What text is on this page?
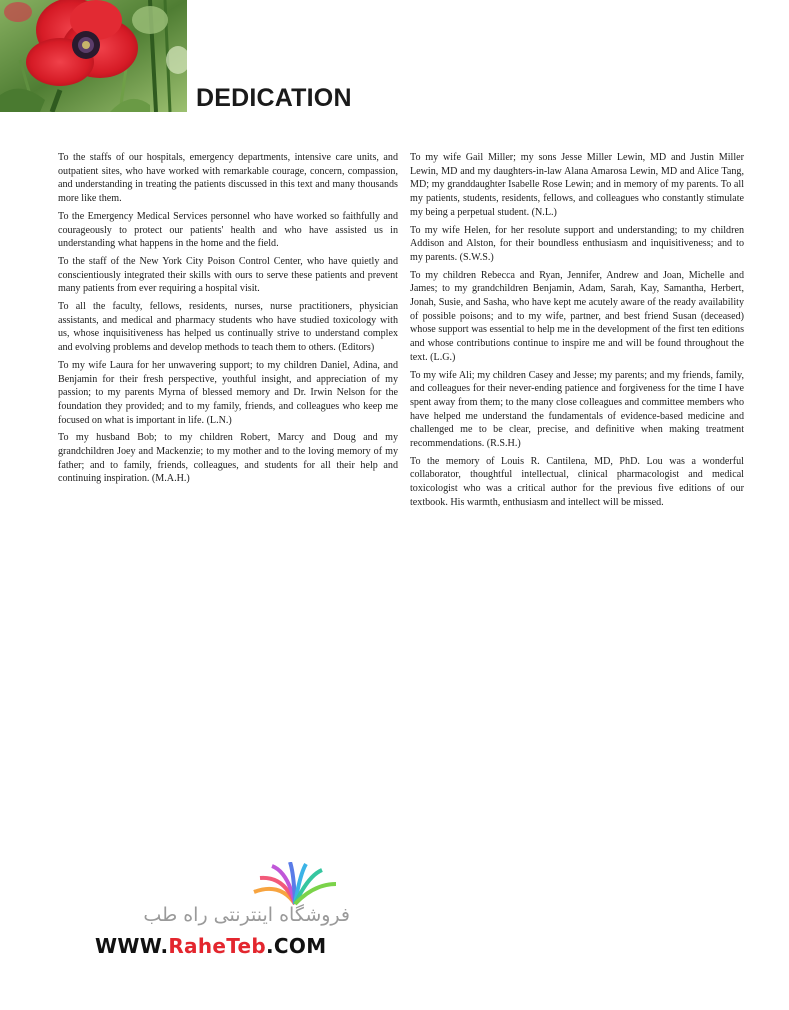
DEDICATION

To the staffs of our hospitals, emergency departments, intensive care units, and outpatient sites, who have worked with remarkable courage, concern, compassion, and understanding in treating the patients discussed in this text and many thousands more like them.

To the Emergency Medical Services personnel who have worked so faithfully and courageously to protect our patients' health and who have assisted us in understanding what happens in the home and the field.

To the staff of the New York City Poison Control Center, who have quietly and conscientiously integrated their skills with ours to serve these patients and prevent many patients from ever requiring a hospital visit.

To all the faculty, fellows, residents, nurses, nurse practitioners, physician assistants, and medical and pharmacy students who have studied toxicology with us, whose inquisitiveness has helped us continually strive to understand complex and evolving problems and develop methods to teach them to others. (Editors)

To my wife Laura for her unwavering support; to my children Daniel, Adina, and Benjamin for their fresh perspective, youthful insight, and appreciation of my passion; to my parents Myrna of blessed memory and Dr. Irwin Nelson for the foundation they provided; and to my family, friends, and colleagues who keep me focused on what is important in life. (L.N.)

To my husband Bob; to my children Robert, Marcy and Doug and my grandchildren Joey and Mackenzie; to my mother and to the loving memory of my father; and to family, friends, colleagues, and students for all their help and continuing inspiration. (M.A.H.)

To my wife Gail Miller; my sons Jesse Miller Lewin, MD and Justin Miller Lewin, MD and my daughters-in-law Alana Amarosa Lewin, MD and Alice Tang, MD; my granddaughter Isabelle Rose Lewin; and in memory of my parents. To all my patients, students, residents, fellows, and colleagues who constantly stimulate my being a perpetual student. (N.L.)

To my wife Helen, for her resolute support and understanding; to my children Addison and Alston, for their boundless enthusiasm and inquisitiveness; and to my parents. (S.W.S.)

To my children Rebecca and Ryan, Jennifer, Andrew and Joan, Michelle and James; to my grandchildren Benjamin, Adam, Sarah, Kay, Samantha, Herbert, Jonah, Susie, and Sasha, who have kept me acutely aware of the ready availability of possible poisons; and to my wife, partner, and best friend Susan (deceased) whose support was essential to help me in the development of the first ten editions and whose contributions continue to inspire me and will be found throughout the text. (L.G.)

To my wife Ali; my children Casey and Jesse; my parents; and my friends, family, and colleagues for their never-ending patience and forgiveness for the time I have spent away from them; to the many close colleagues and committee members who have helped me understand the fundamentals of evidence-based medicine and challenged me to be clear, precise, and definitive when making treatment recommendations. (R.S.H.)

To the memory of Louis R. Cantilena, MD, PhD. Lou was a wonderful collaborator, thoughtful intellectual, clinical pharmacologist and medical toxicologist who was a critical author for the previous five editions of our textbook. His warmth, enthusiasm and intellect will be missed.

فروشگاه اینترنتی راه طب

WWW.RaheTeb.COM
